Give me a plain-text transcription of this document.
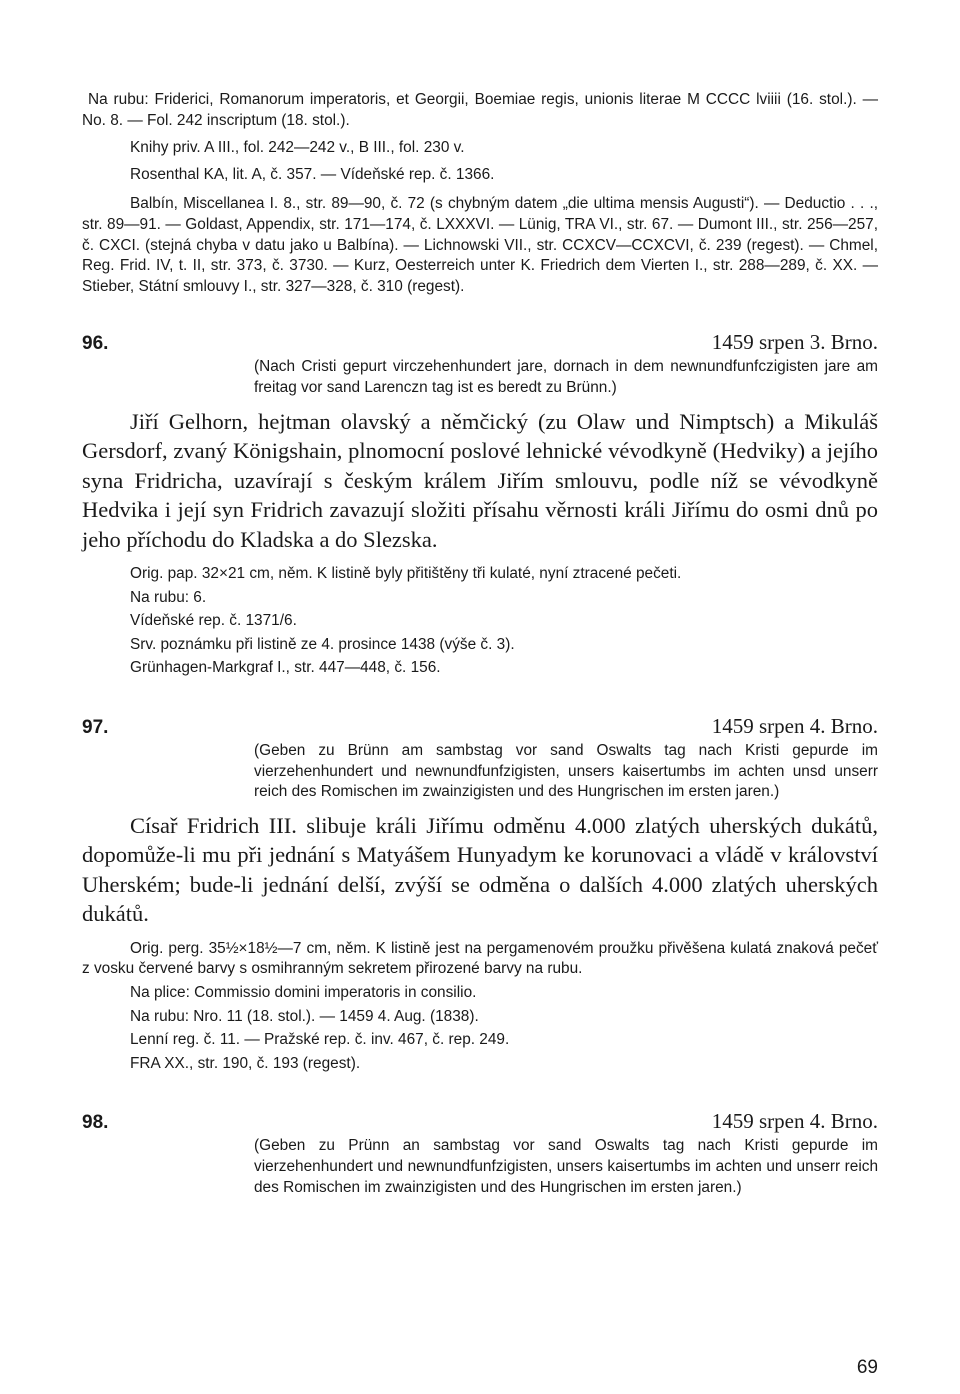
Na rubu: Friderici, Romanorum imperatoris, et Georgii, Boemiae regis, unionis literae M CCCC lviiii (16. stol.). — No. 8. — Fol. 242 inscriptum (18. stol.).

Knihy priv. A III., fol. 242—242 v., B III., fol. 230 v.

Rosenthal KA, lit. A, č. 357. — Vídeňské rep. č. 1366.

Balbín, Miscellanea I. 8., str. 89—90, č. 72 (s chybným datem „die ultima mensis Augusti“). — Deductio . . ., str. 89—91. — Goldast, Appendix, str. 171—174, č. LXXXVI. — Lünig, TRA VI., str. 67. — Dumont III., str. 256—257, č. CXCI. (stejná chyba v datu jako u Balbína). — Lichnowski VII., str. CCXCV—CCXCVI, č. 239 (regest). — Chmel, Reg. Frid. IV, t. II, str. 373, č. 3730. — Kurz, Oesterreich unter K. Friedrich dem Vierten I., str. 288—289, č. XX. — Stieber, Státní smlouvy I., str. 327—328, č. 310 (regest).

96.	1459 srpen 3. Brno.

(Nach Cristi gepurt virczehenhundert jare, dornach in dem newnundfunfczigisten jare am freitag vor sand Larenczn tag ist es beredt zu Brünn.)

Jiří Gelhorn, hejtman olavský a němčický (zu Olaw und Nimptsch) a Mikuláš Gersdorf, zvaný Königshain, plnomocní poslové lehnické vévodkyně (Hedviky) a jejího syna Fridricha, uzavírají s českým králem Jiřím smlouvu, podle níž se vévodkyně Hedvika i její syn Fridrich zavazují složiti přísahu věrnosti králi Jiřímu do osmi dnů po jeho příchodu do Kladska a do Slezska.

Orig. pap. 32×21 cm, něm. K listině byly přitištěny tři kulaté, nyní ztracené pečeti.

Na rubu: 6.

Vídeňské rep. č. 1371/6.

Srv. poznámku při listině ze 4. prosince 1438 (výše č. 3).

Grünhagen-Markgraf I., str. 447—448, č. 156.

97.	1459 srpen 4. Brno.

(Geben zu Brünn am sambstag vor sand Oswalts tag nach Kristi gepurde im vierzehenhundert und newnundfunfzigisten, unsers kaisertumbs im achten unsd unserr reich des Romischen im zwainzigisten und des Hungrischen im ersten jaren.)

Císař Fridrich III. slibuje králi Jiřímu odměnu 4.000 zlatých uherských dukátů, dopomůže-li mu při jednání s Matyášem Hunyadym ke korunovaci a vládě v království Uherském; bude-li jednání delší, zvýší se odměna o dalších 4.000 zlatých uherských dukátů.

Orig. perg. 35½×18½—7 cm, něm. K listině jest na pergamenovém proužku přivěšena kulatá znaková pečeť z vosku červené barvy s osmihranným sekretem přirozené barvy na rubu.

Na plice: Commissio domini imperatoris in consilio.

Na rubu: Nro. 11 (18. stol.). — 1459 4. Aug. (1838).

Lenní reg. č. 11. — Pražské rep. č. inv. 467, č. rep. 249.

FRA XX., str. 190, č. 193 (regest).

98.	1459 srpen 4. Brno.

(Geben zu Prünn an sambstag vor sand Oswalts tag nach Kristi gepurde im vierzehenhundert und newnundfunfzigisten, unsers kaisertumbs im achten und unserr reich des Romischen im zwainzigisten und des Hungrischen im ersten jaren.)

69
